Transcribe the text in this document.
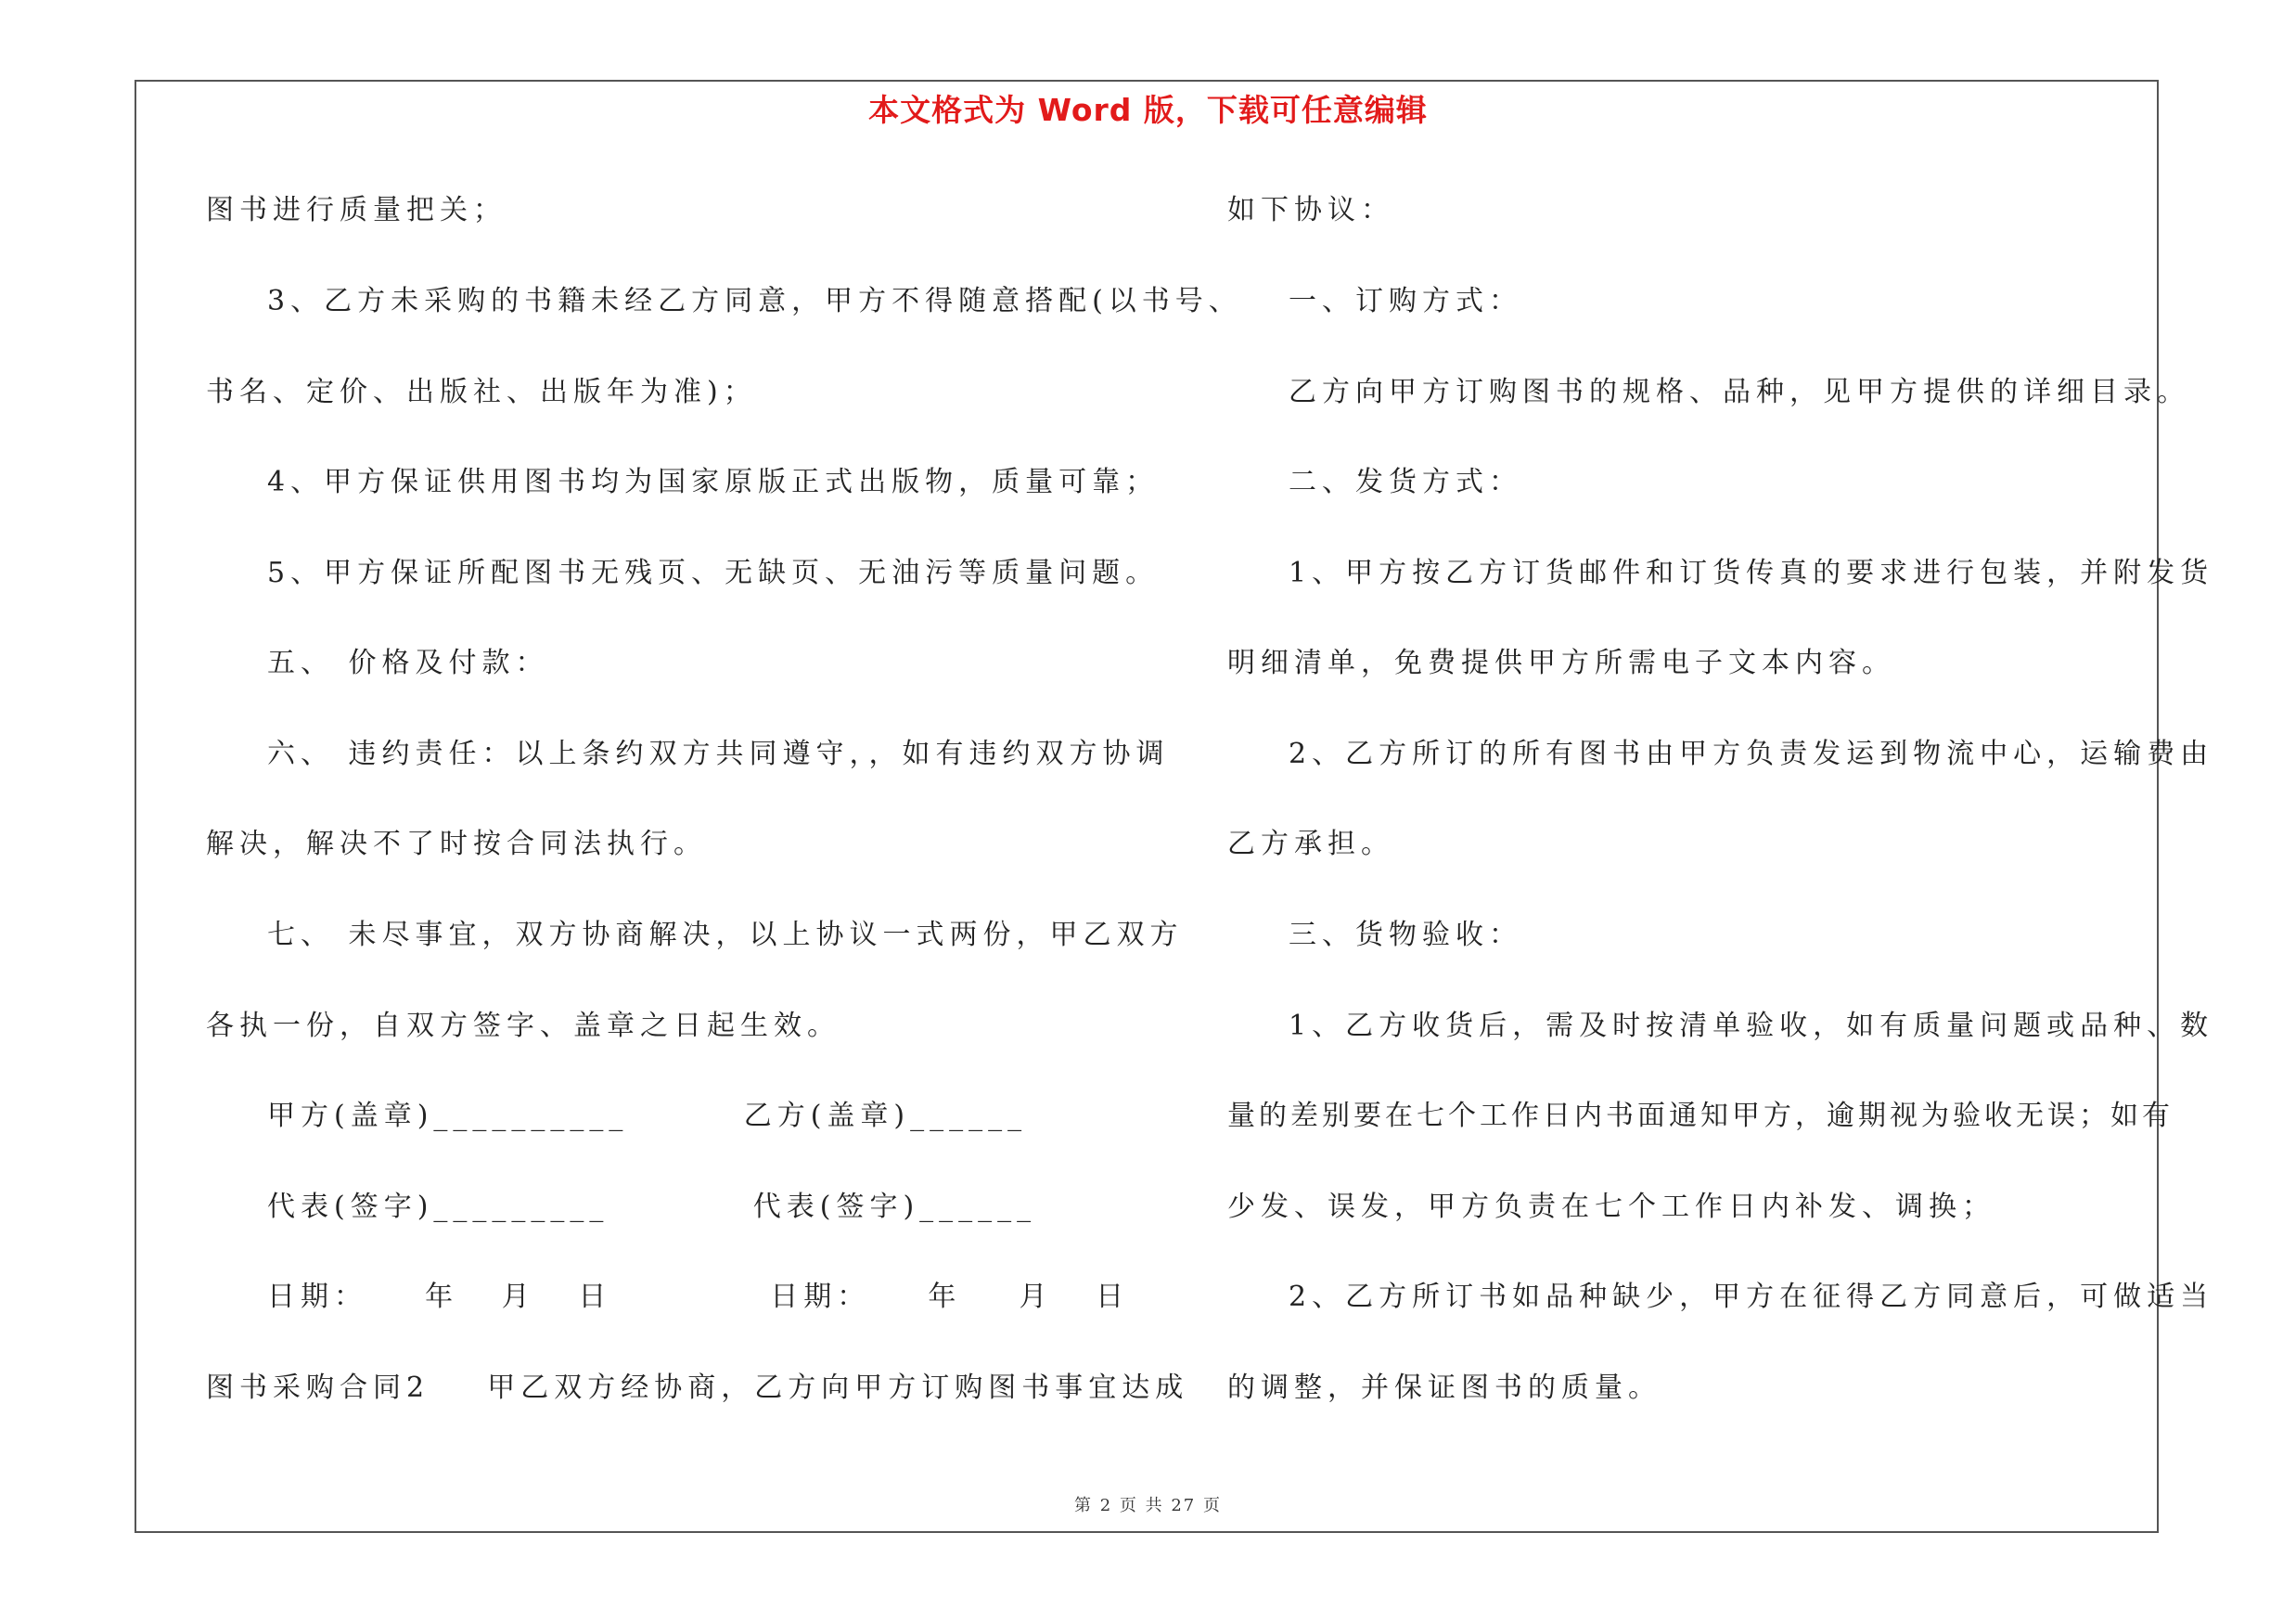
本文格式为 Word 版，下载可任意编辑
图书进行质量把关；
3、乙方未采购的书籍未经乙方同意，甲方不得随意搭配(以书号、
书名、定价、出版社、出版年为准)；
4、甲方保证供用图书均为国家原版正式出版物，质量可靠；
5、甲方保证所配图书无残页、无缺页、无油污等质量问题。
五、 价格及付款：
六、 违约责任：以上条约双方共同遵守，，如有违约双方协调
解决，解决不了时按合同法执行。
七、 未尽事宜，双方协商解决，以上协议一式两份，甲乙双方
各执一份，自双方签字、盖章之日起生效。
甲方(盖章)__________        乙方(盖章)______
代表(签字)_________          代表(签字)______
日期：    年   月   日           日期：    年    月   日
图书采购合同2    甲乙双方经协商，乙方向甲方订购图书事宜达成
如下协议：
一、订购方式：
乙方向甲方订购图书的规格、品种，见甲方提供的详细目录。
二、发货方式：
1、甲方按乙方订货邮件和订货传真的要求进行包装，并附发货
明细清单，免费提供甲方所需电子文本内容。
2、乙方所订的所有图书由甲方负责发运到物流中心，运输费由
乙方承担。
三、货物验收：
1、乙方收货后，需及时按清单验收，如有质量问题或品种、数
量的差别要在七个工作日内书面通知甲方，逾期视为验收无误；如有
少发、误发，甲方负责在七个工作日内补发、调换；
2、乙方所订书如品种缺少，甲方在征得乙方同意后，可做适当
的调整，并保证图书的质量。
第 2 页 共 27 页
